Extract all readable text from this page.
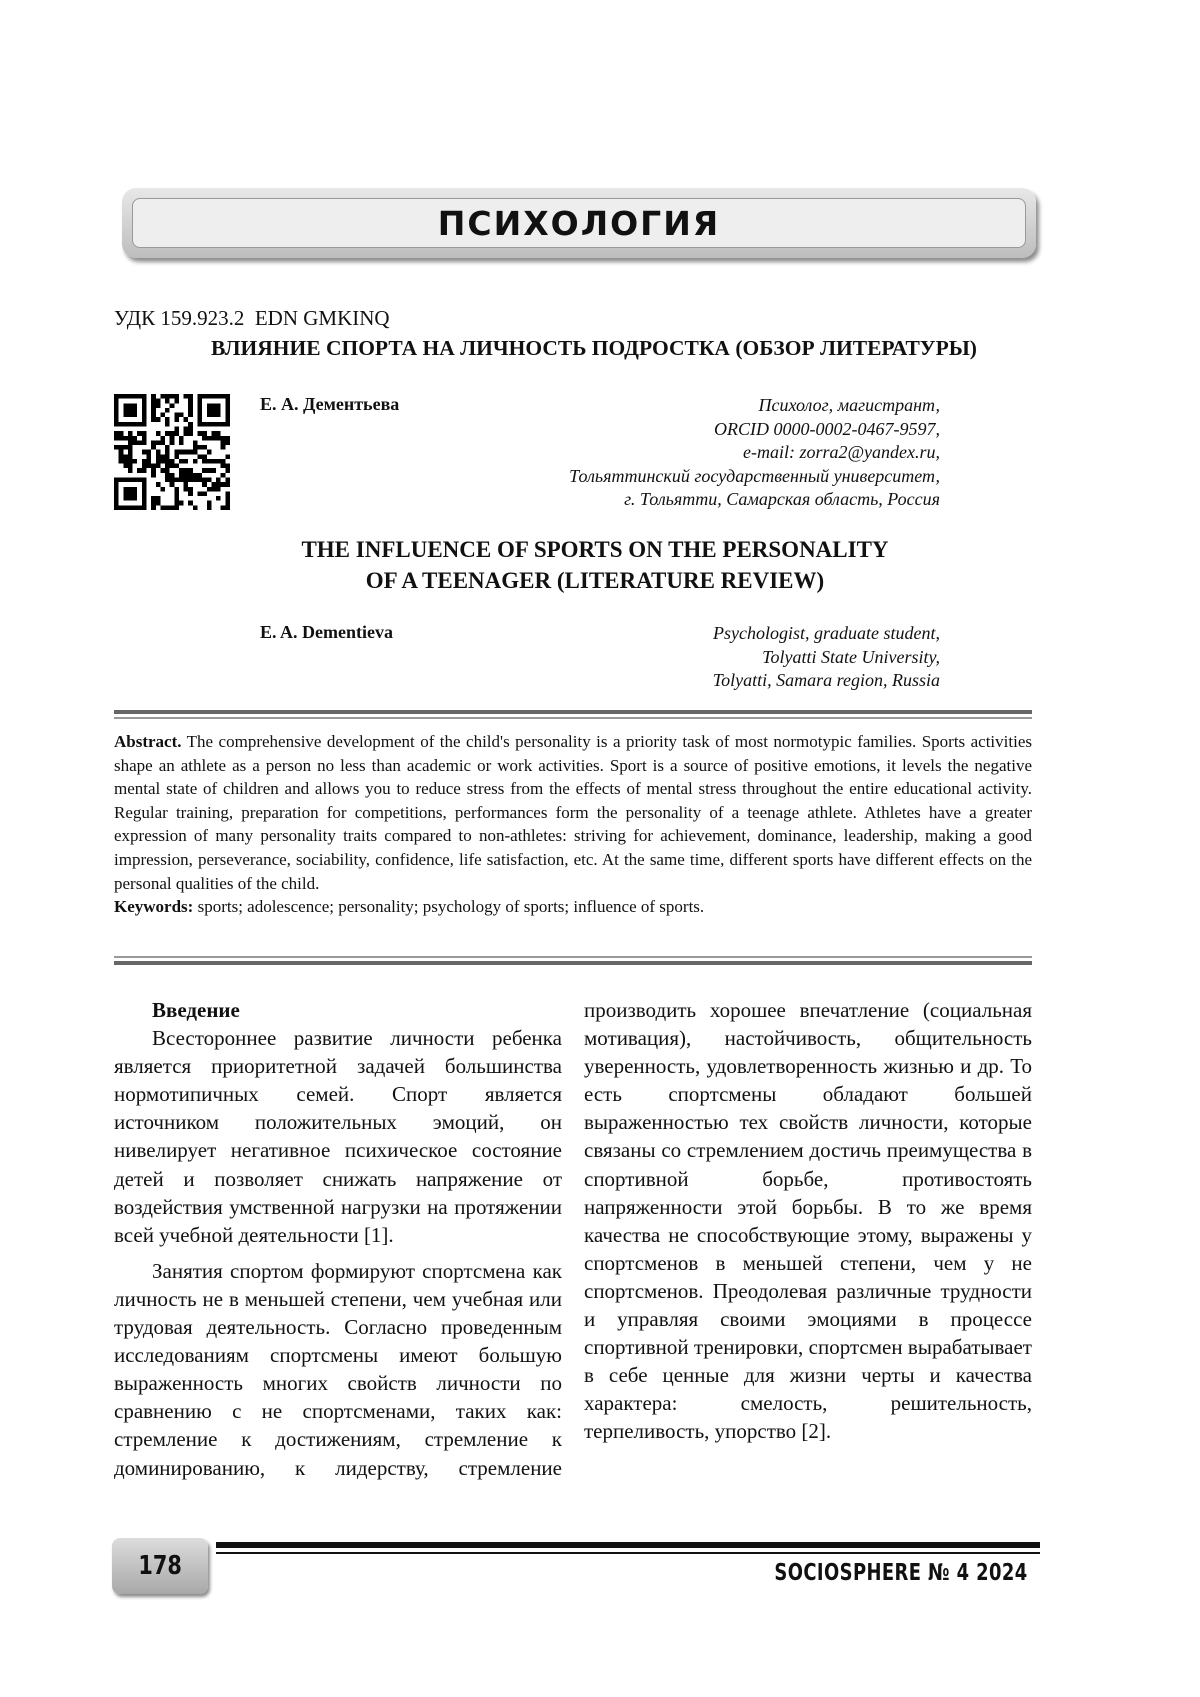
ПСИХОЛОГИЯ
УДК 159.923.2  EDN GMKINQ
ВЛИЯНИЕ СПОРТА НА ЛИЧНОСТЬ ПОДРОСТКА (ОБЗОР ЛИТЕРАТУРЫ)
Е. А. Дементьева	Психолог, магистрант,
ORCID 0000-0002-0467-9597,
e-mail: zorra2@yandex.ru,
Тольяттинский государственный университет,
г. Тольятти, Самарская область, Россия
THE INFLUENCE OF SPORTS ON THE PERSONALITY
OF A TEENAGER (LITERATURE REVIEW)
E. A. Dementieva	Psychologist, graduate student,
Tolyatti State University,
Tolyatti, Samara region, Russia
Abstract. The comprehensive development of the child's personality is a priority task of most normotypic families. Sports activities shape an athlete as a person no less than academic or work activities. Sport is a source of positive emotions, it levels the negative mental state of children and allows you to reduce stress from the effects of mental stress throughout the entire educational activity. Regular training, preparation for competitions, performances form the personality of a teenage athlete. Athletes have a greater expression of many personality traits compared to non-athletes: striving for achievement, dominance, leadership, making a good impression, perseverance, sociability, confidence, life satisfaction, etc. At the same time, different sports have different effects on the personal qualities of the child.
Keywords: sports; adolescence; personality; psychology of sports; influence of sports.
Введение

Всестороннее развитие личности ребенка является приоритетной задачей большинства нормотипичных семей. Спорт является источником положительных эмоций, он нивелирует негативное психическое состояние детей и позволяет снижать напряжение от воздействия умственной нагрузки на протяжении всей учебной деятельности [1].

Занятия спортом формируют спортсмена как личность не в меньшей степени, чем учебная или трудовая деятельность. Согласно проведенным исследованиям спортсмены имеют большую выраженность многих свойств личности по сравнению с не спортсменами, таких как: стремление к достижениям, стремление к доминированию, к лидерству, стремление

производить хорошее впечатление (социальная мотивация), настойчивость, общительность уверенность, удовлетворенность жизнью и др. То есть спортсмены обладают большей выраженностью тех свойств личности, которые связаны со стремлением достичь преимущества в спортивной борьбе, противостоять напряженности этой борьбы. В то же время качества не способствующие этому, выражены у спортсменов в меньшей степени, чем у не спортсменов. Преодолевая различные трудности и управляя своими эмоциями в процессе спортивной тренировки, спортсмен вырабатывает в себе ценные для жизни черты и качества характера: смелость, решительность, терпеливость, упорство [2].

178	SOCIOSPHERE № 4 2024
